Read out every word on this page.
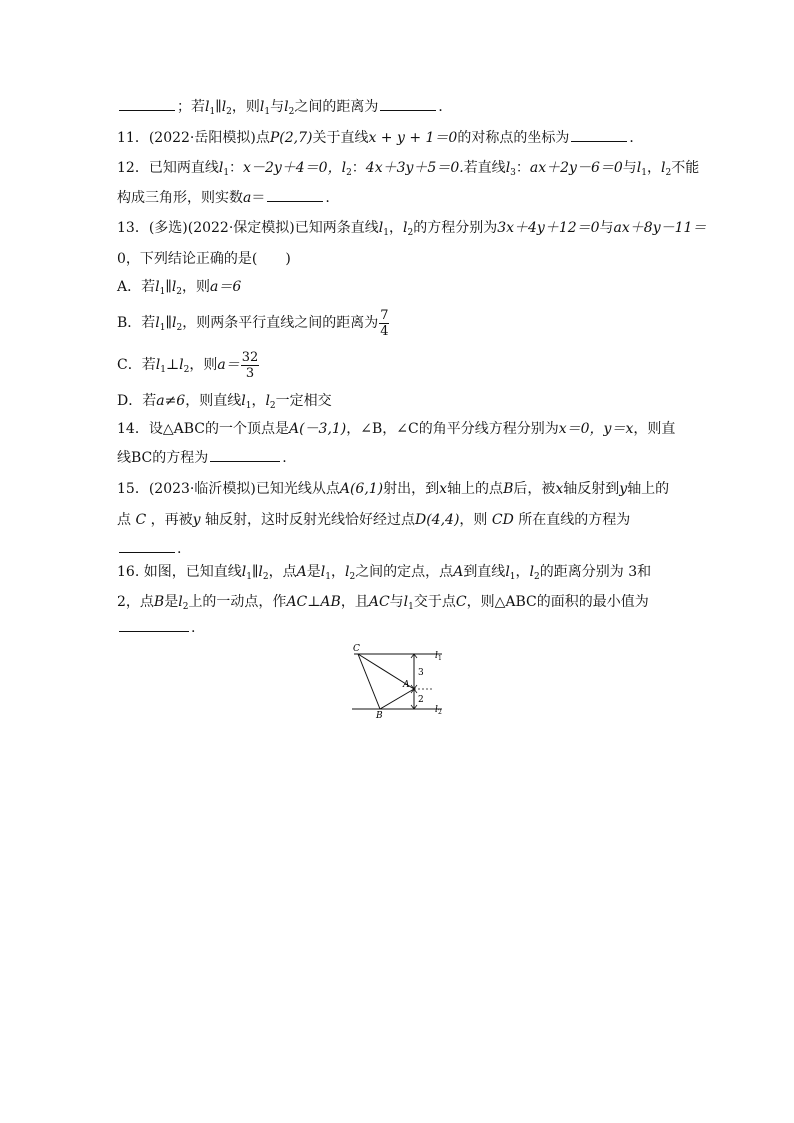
；若$l_1\parallel l_2$，则$l_1$与$l_2$之间的距离为	．
11．(2022·岳阳模拟)点P(2,7)关于直线x + y + 1＝0的对称点的坐标为	．
12．已知两直线$l_1$：x－2y＋4＝0，$l_2$：4x＋3y＋5＝0.若直线$l_3$：ax＋2y－6＝0与$l_1$，$l_2$不能
构成三角形，则实数a＝	.
13．(多选)(2022·保定模拟)已知两条直线$l_1$，$l_2$的方程分别为3x＋4y＋12＝0与ax＋8y－11＝
0，下列结论正确的是(　　)
A．若$l_1\parallel l_2$，则a＝6
B．若$l_1\parallel l_2$，则两条平行直线之间的距离为 $\frac{7}{4}$
C．若$l_1\perp l_2$，则$a= \frac{32}{3}$
D．若a≠6，则直线$l_1$，$l_2$一定相交
14．设△ABC的一个顶点是A(－3,1)，∠B，∠C的角平分线方程分别为x＝0，y＝x，则直
线BC的方程为	.
15．(2023·临沂模拟)已知光线从点A(6,1)射出，到x轴上的点B后，被x轴反射到y轴上的
点 C ，再被y 轴反射，这时反射光线恰好经过点D(4,4)，则 CD 所在直线的方程为
.
16. 如图，已知直线$l_1\parallel l_2$，点A是$l_1$，$l_2$之间的定点，点A到直线$l_1$，$l_2$的距离分别为 3和
2，点B是$l_2$上的一动点，作AC⊥AB，且AC与$l_1$交于点C，则△ABC的面积的最小值为
.
C
A
B
3
2
l 1
l 2
